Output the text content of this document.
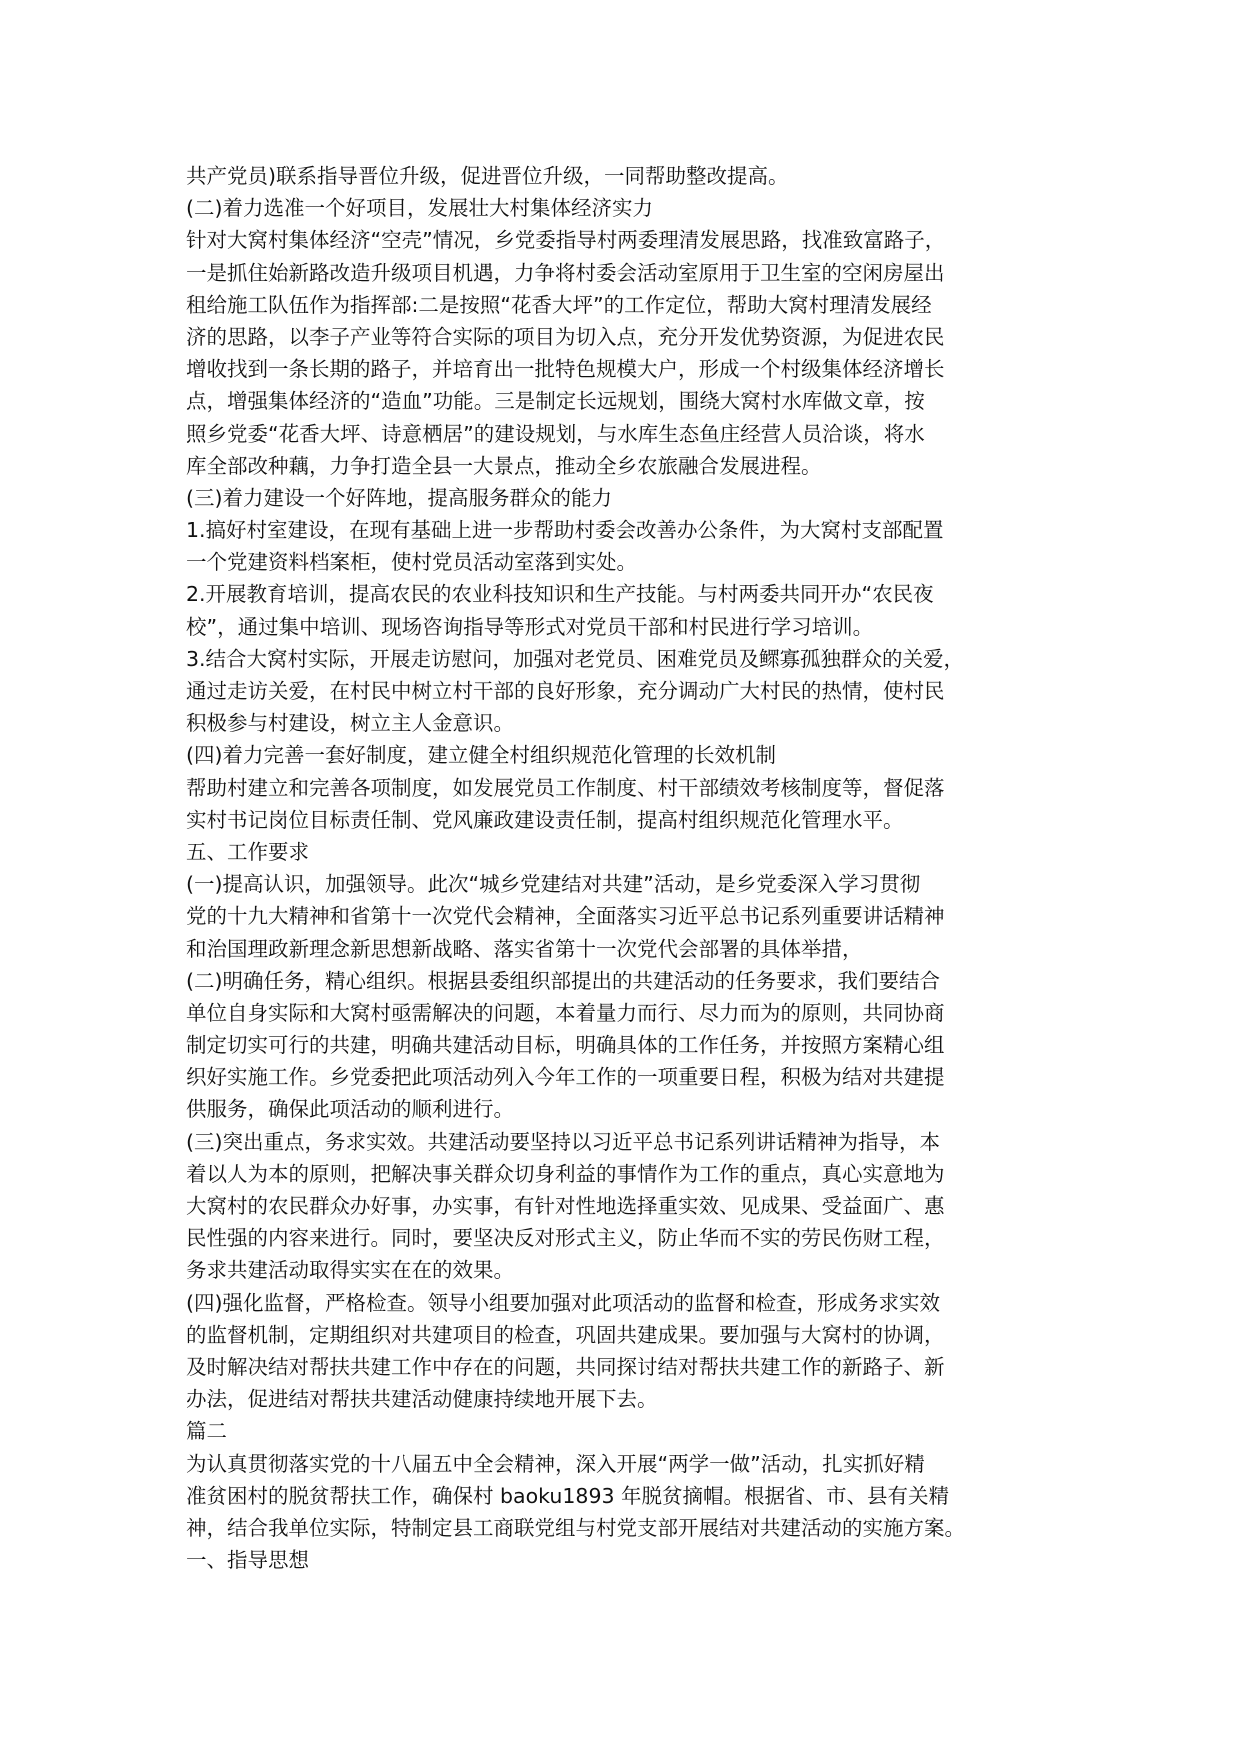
共产党员)联系指导晋位升级，促进晋位升级，一同帮助整改提高。
(二)着力选准一个好项目，发展壮大村集体经济实力
针对大窝村集体经济“空壳”情况，乡党委指导村两委理清发展思路，找准致富路子，
一是抓住始新路改造升级项目机遇，力争将村委会活动室原用于卫生室的空闲房屋出
租给施工队伍作为指挥部:二是按照“花香大坪”的工作定位，帮助大窝村理清发展经
济的思路，以李子产业等符合实际的项目为切入点，充分开发优势资源，为促进农民
增收找到一条长期的路子，并培育出一批特色规模大户，形成一个村级集体经济增长
点，增强集体经济的“造血”功能。三是制定长远规划，围绕大窝村水库做文章，按
照乡党委“花香大坪、诗意栖居”的建设规划，与水库生态鱼庄经营人员洽谈，将水
库全部改种藕，力争打造全县一大景点，推动全乡农旅融合发展进程。
(三)着力建设一个好阵地，提高服务群众的能力
1.搞好村室建设，在现有基础上进一步帮助村委会改善办公条件，为大窝村支部配置
一个党建资料档案柜，使村党员活动室落到实处。
2.开展教育培训，提高农民的农业科技知识和生产技能。与村两委共同开办“农民夜
校”，通过集中培训、现场咨询指导等形式对党员干部和村民进行学习培训。
3.结合大窝村实际，开展走访慰问，加强对老党员、困难党员及鳏寡孤独群众的关爱，
通过走访关爱，在村民中树立村干部的良好形象，充分调动广大村民的热情，使村民
积极参与村建设，树立主人金意识。
(四)着力完善一套好制度，建立健全村组织规范化管理的长效机制
帮助村建立和完善各项制度，如发展党员工作制度、村干部绩效考核制度等，督促落
实村书记岗位目标责任制、党风廉政建设责任制，提高村组织规范化管理水平。
五、工作要求
(一)提高认识，加强领导。此次“城乡党建结对共建”活动，是乡党委深入学习贯彻
党的十九大精神和省第十一次党代会精神，全面落实习近平总书记系列重要讲话精神
和治国理政新理念新思想新战略、落实省第十一次党代会部署的具体举措，
(二)明确任务，精心组织。根据县委组织部提出的共建活动的任务要求，我们要结合
单位自身实际和大窝村亟需解决的问题，本着量力而行、尽力而为的原则，共同协商
制定切实可行的共建，明确共建活动目标，明确具体的工作任务，并按照方案精心组
织好实施工作。乡党委把此项活动列入今年工作的一项重要日程，积极为结对共建提
供服务，确保此项活动的顺利进行。
(三)突出重点，务求实效。共建活动要坚持以习近平总书记系列讲话精神为指导，本
着以人为本的原则，把解决事关群众切身利益的事情作为工作的重点，真心实意地为
大窝村的农民群众办好事，办实事，有针对性地选择重实效、见成果、受益面广、惠
民性强的内容来进行。同时，要坚决反对形式主义，防止华而不实的劳民伤财工程，
务求共建活动取得实实在在的效果。
(四)强化监督，严格检查。领导小组要加强对此项活动的监督和检查，形成务求实效
的监督机制，定期组织对共建项目的检查，巩固共建成果。要加强与大窝村的协调，
及时解决结对帮扶共建工作中存在的问题，共同探讨结对帮扶共建工作的新路子、新
办法，促进结对帮扶共建活动健康持续地开展下去。
篇二
为认真贯彻落实党的十八届五中全会精神，深入开展“两学一做”活动，扎实抓好精
准贫困村的脱贫帮扶工作，确保村 baoku1893 年脱贫摘帽。根据省、市、县有关精
神，结合我单位实际，特制定县工商联党组与村党支部开展结对共建活动的实施方案。
一、指导思想
